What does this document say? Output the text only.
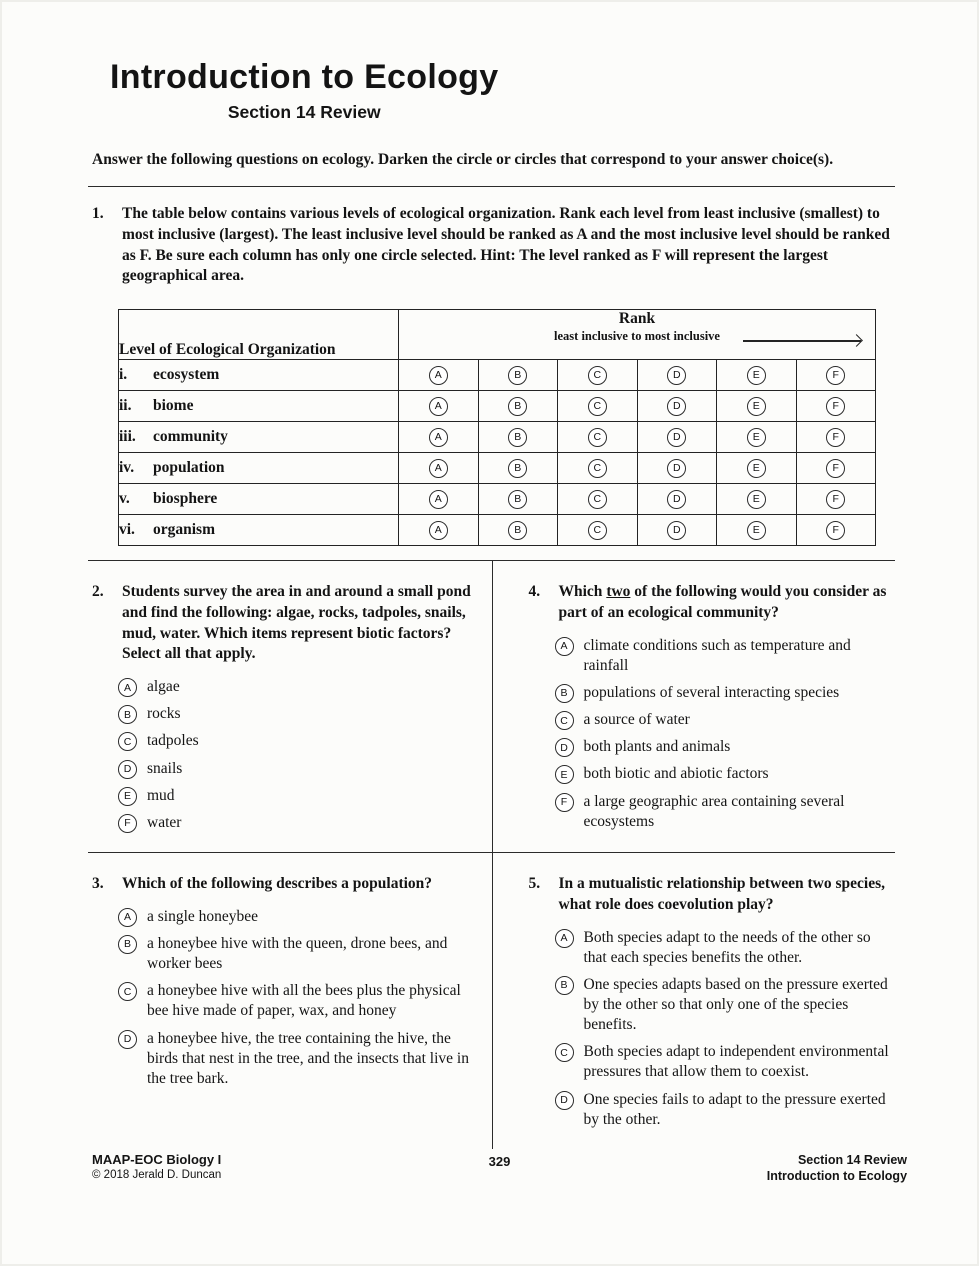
Introduction to Ecology
Section 14 Review

Answer the following questions on ecology. Darken the circle or circles that correspond to your answer choice(s).

1.	The table below contains various levels of ecological organization. Rank each level from least inclusive (smallest) to most inclusive (largest). The least inclusive level should be ranked as A and the most inclusive level should be ranked as F. Be sure each column has only one circle selected. Hint: The level ranked as F will represent the largest geographical area.

Level of Ecological Organization	Rank
least inclusive to most inclusive					

i. ecosystem	A	B	C	D	E	F
ii. biome	A	B	C	D	E	F
iii. community	A	B	C	D	E	F
iv. population	A	B	C	D	E	F
v. biosphere	A	B	C	D	E	F
vi. organism	A	B	C	D	E	F
2.	Students survey the area in and around a small pond and find the following: algae, rocks, tadpoles, snails, mud, water. Which items represent biotic factors? Select all that apply.

A	algae
B	rocks
C	tadpoles
D	snails
E	mud
F	water
4.	Which two of the following would you consider as part of an ecological community?

A	climate conditions such as temperature and rainfall
B	populations of several interacting species
C	a source of water
D	both plants and animals
E	both biotic and abiotic factors
F	a large geographic area containing several ecosystems
3.	Which of the following describes a population?

A	a single honeybee
B	a honeybee hive with the queen, drone bees, and worker bees
C	a honeybee hive with all the bees plus the physical bee hive made of paper, wax, and honey
D	a honeybee hive, the tree containing the hive, the birds that nest in the tree, and the insects that live in the tree bark.
5.	In a mutualistic relationship between two species, what role does coevolution play?

A	Both species adapt to the needs of the other so that each species benefits the other.
B	One species adapts based on the pressure exerted by the other so that only one of the species benefits.
C	Both species adapt to independent environmental pressures that allow them to coexist.
D	One species fails to adapt to the pressure exerted by the other.
MAAP-EOC Biology I
© 2018 Jerald D. Duncan
329	Section 14 Review
Introduction to Ecology
